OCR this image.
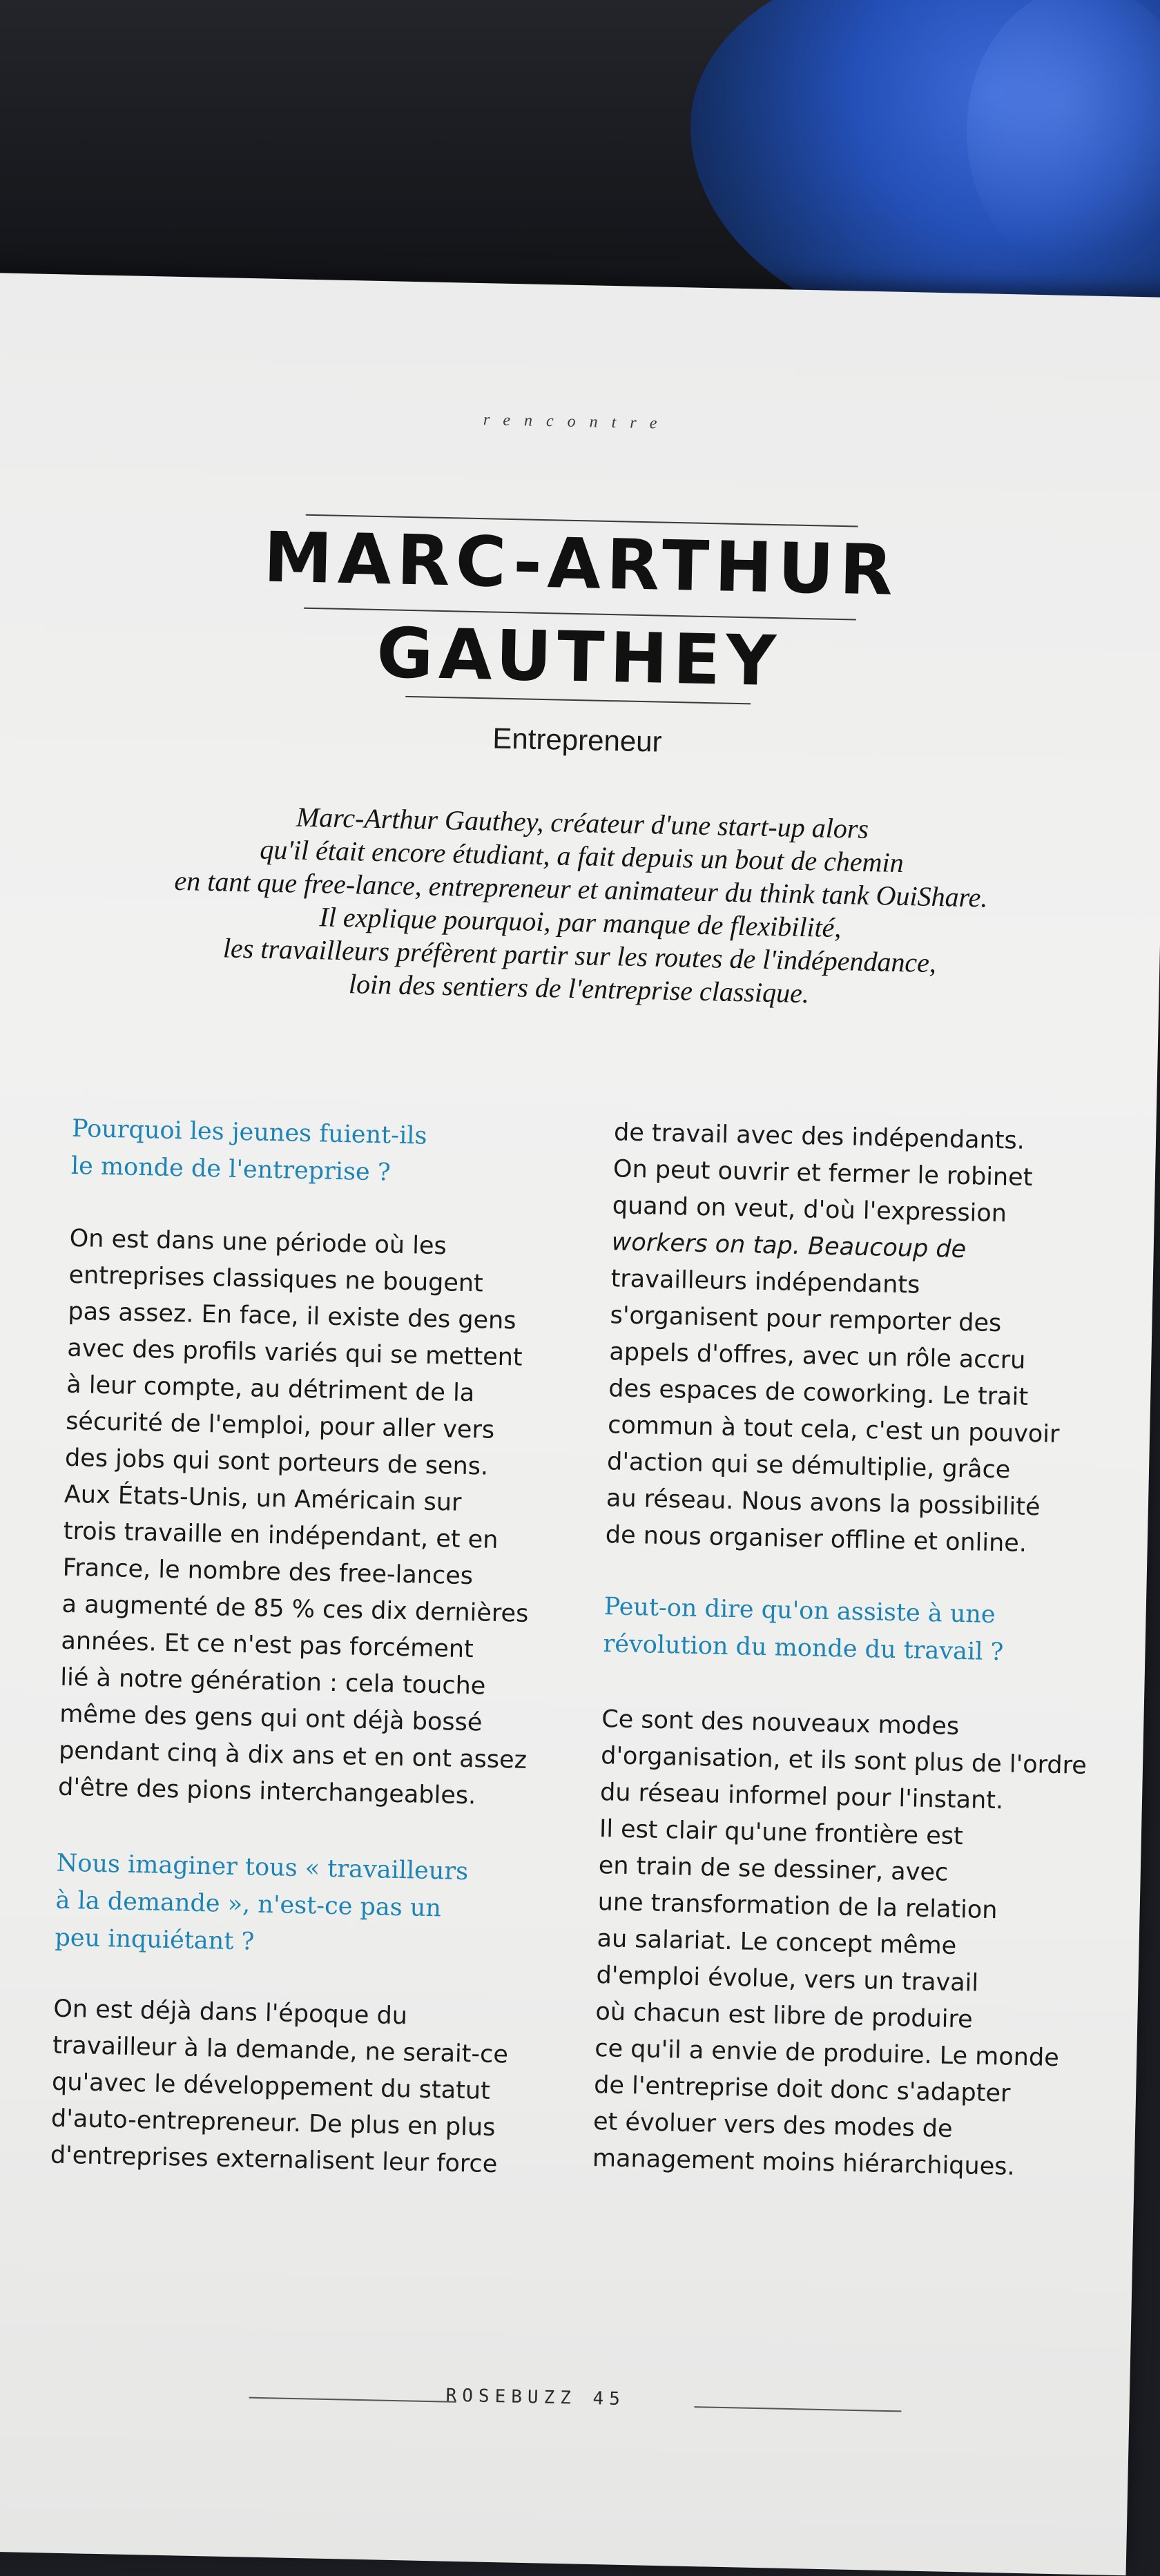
rencontre
MARC-ARTHUR
GAUTHEY
Entrepreneur
Marc-Arthur Gauthey, créateur d'une start-up alors
qu'il était encore étudiant, a fait depuis un bout de chemin
en tant que free-lance, entrepreneur et animateur du think tank OuiShare.
Il explique pourquoi, par manque de flexibilité,
les travailleurs préfèrent partir sur les routes de l'indépendance,
loin des sentiers de l'entreprise classique.

Pourquoi les jeunes fuient-ils
le monde de l'entreprise ?

On est dans une période où les
entreprises classiques ne bougent
pas assez. En face, il existe des gens
avec des profils variés qui se mettent
à leur compte, au détriment de la
sécurité de l'emploi, pour aller vers
des jobs qui sont porteurs de sens.
Aux États-Unis, un Américain sur
trois travaille en indépendant, et en
France, le nombre des free-lances
a augmenté de 85 % ces dix dernières
années. Et ce n'est pas forcément
lié à notre génération : cela touche
même des gens qui ont déjà bossé
pendant cinq à dix ans et en ont assez
d'être des pions interchangeables.

Nous imaginer tous « travailleurs
à la demande », n'est-ce pas un
peu inquiétant ?

On est déjà dans l'époque du
travailleur à la demande, ne serait-ce
qu'avec le développement du statut
d'auto-entrepreneur. De plus en plus
d'entreprises externalisent leur force

de travail avec des indépendants.
On peut ouvrir et fermer le robinet
quand on veut, d'où l'expression
workers on tap. Beaucoup de
travailleurs indépendants
s'organisent pour remporter des
appels d'offres, avec un rôle accru
des espaces de coworking. Le trait
commun à tout cela, c'est un pouvoir
d'action qui se démultiplie, grâce
au réseau. Nous avons la possibilité
de nous organiser offline et online.

Peut-on dire qu'on assiste à une
révolution du monde du travail ?

Ce sont des nouveaux modes
d'organisation, et ils sont plus de l'ordre
du réseau informel pour l'instant.
Il est clair qu'une frontière est
en train de se dessiner, avec
une transformation de la relation
au salariat. Le concept même
d'emploi évolue, vers un travail
où chacun est libre de produire
ce qu'il a envie de produire. Le monde
de l'entreprise doit donc s'adapter
et évoluer vers des modes de
management moins hiérarchiques.

ROSEBUZZ 45
